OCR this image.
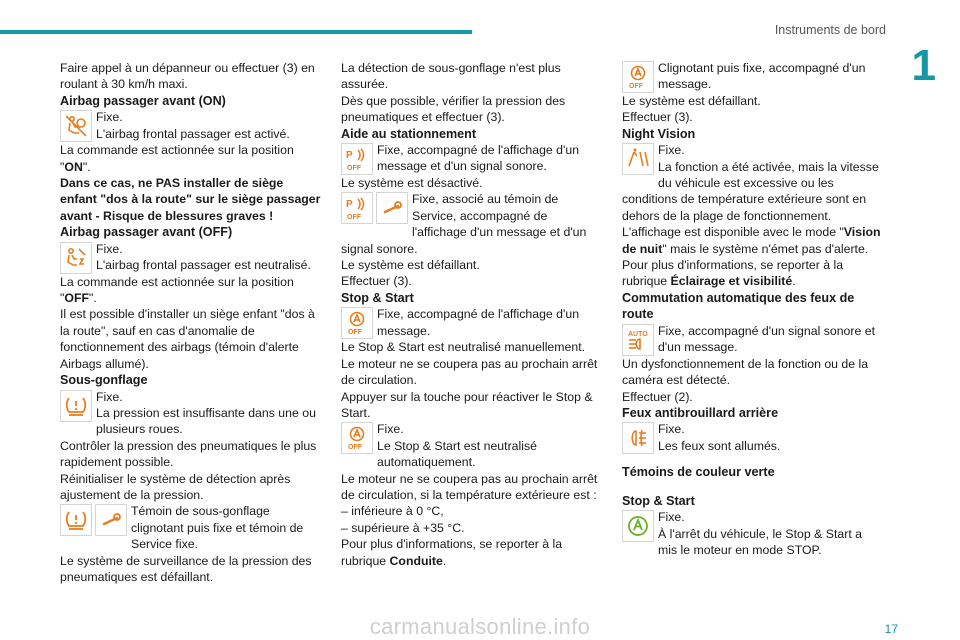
Instruments de bord
1

Faire appel à un dépanneur ou effectuer (3) en roulant à 30 km/h maxi.

Airbag passager avant (ON)

Fixe.
L'airbag frontal passager est activé.

La commande est actionnée sur la position "ON".

Dans ce cas, ne PAS installer de siège enfant "dos à la route" sur le siège passager avant - Risque de blessures graves !

Airbag passager avant (OFF)

Fixe.
L'airbag frontal passager est neutralisé.

La commande est actionnée sur la position "OFF".

Il est possible d'installer un siège enfant "dos à la route", sauf en cas d'anomalie de fonctionnement des airbags (témoin d'alerte Airbags allumé).

Sous-gonflage

Fixe.
La pression est insuffisante dans une ou plusieurs roues.

Contrôler la pression des pneumatiques le plus rapidement possible.

Réinitialiser le système de détection après ajustement de la pression.

Témoin de sous-gonflage clignotant puis fixe et témoin de Service fixe.

Le système de surveillance de la pression des pneumatiques est défaillant.

La détection de sous-gonflage n'est plus assurée.

Dès que possible, vérifier la pression des pneumatiques et effectuer (3).

Aide au stationnement

P
OFF

Fixe, accompagné de l'affichage d'un message et d'un signal sonore.

Le système est désactivé.

P
OFF

Fixe, associé au témoin de Service, accompagné de l'affichage d'un message et d'un signal sonore.

Le système est défaillant.

Effectuer (3).

Stop & Start

OFF

Fixe, accompagné de l'affichage d'un message.

Le Stop & Start est neutralisé manuellement.

Le moteur ne se coupera pas au prochain arrêt de circulation.

Appuyer sur la touche pour réactiver le Stop & Start.

OFF

Fixe.
Le Stop & Start est neutralisé automatiquement.

Le moteur ne se coupera pas au prochain arrêt de circulation, si la température extérieure est :

– inférieure à 0 °C,

– supérieure à +35 °C.

Pour plus d'informations, se reporter à la rubrique Conduite.

OFF

Clignotant puis fixe, accompagné d'un message.

Le système est défaillant.

Effectuer (3).

Night Vision

Fixe.
La fonction a été activée, mais la vitesse du véhicule est excessive ou les conditions de température extérieure sont en dehors de la plage de fonctionnement.

L'affichage est disponible avec le mode "Vision de nuit" mais le système n'émet pas d'alerte.

Pour plus d'informations, se reporter à la rubrique Éclairage et visibilité.

Commutation automatique des feux de route

AUTO Fixe, accompagné d'un signal sonore et d'un message.

Un dysfonctionnement de la fonction ou de la caméra est détecté.

Effectuer (2).

Feux antibrouillard arrière

Fixe.
Les feux sont allumés.

Témoins de couleur verte

Stop & Start

Fixe.
À l'arrêt du véhicule, le Stop & Start a mis le moteur en mode STOP.

17
carmanualsonline.info
